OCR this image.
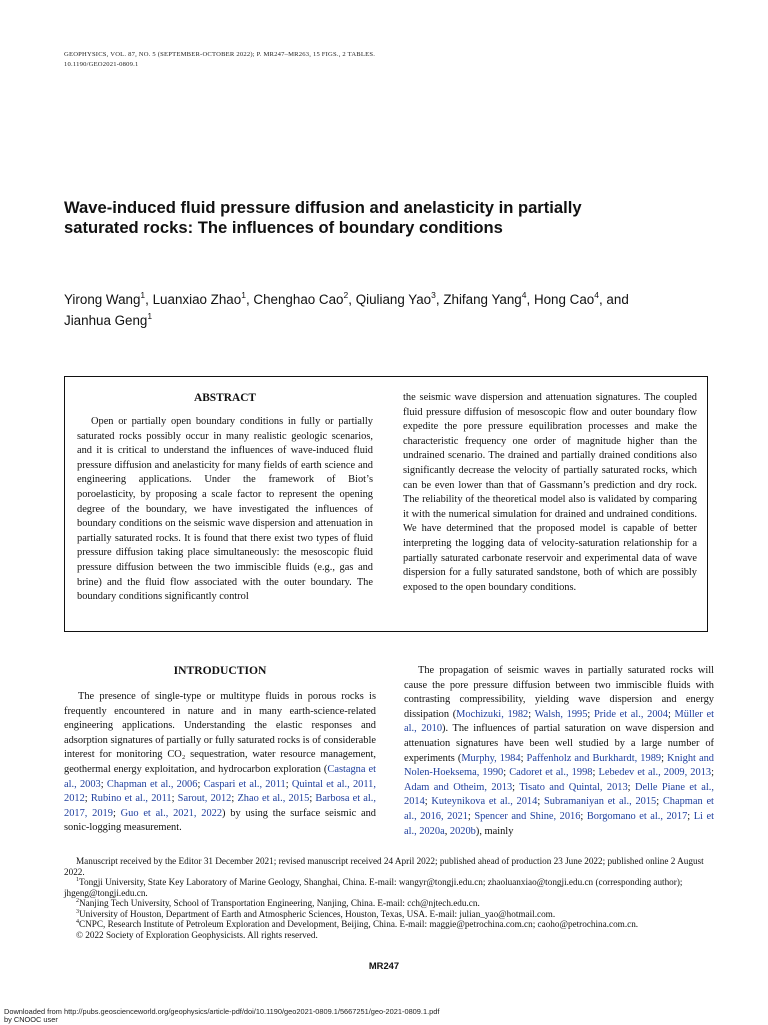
GEOPHYSICS, VOL. 87, NO. 5 (SEPTEMBER-OCTOBER 2022); P. MR247–MR263, 15 FIGS., 2 TABLES.
10.1190/GEO2021-0809.1
Wave-induced fluid pressure diffusion and anelasticity in partially
saturated rocks: The influences of boundary conditions
Yirong Wang$^1$, Luanxiao Zhao$^1$, Chenghao Cao$^2$, Qiuliang Yao$^3$, Zhifang Yang$^4$, Hong Cao$^4$, and
Jianhua Geng$^1$
ABSTRACT

Open or partially open boundary conditions in fully or partially saturated rocks possibly occur in many realistic geologic scenarios, and it is critical to understand the influences of wave-induced fluid pressure diffusion and anelasticity for many fields of earth science and engineering applications. Under the framework of Biot’s poroelasticity, by proposing a scale factor to represent the opening degree of the boundary, we have investigated the influences of boundary conditions on the seismic wave dispersion and attenuation in partially saturated rocks. It is found that there exist two types of fluid pressure diffusion taking place simultaneously: the mesoscopic fluid pressure diffusion between the two immiscible fluids (e.g., gas and brine) and the fluid flow associated with the outer boundary. The boundary conditions significantly control

the seismic wave dispersion and attenuation signatures. The coupled fluid pressure diffusion of mesoscopic flow and outer boundary flow expedite the pore pressure equilibration processes and make the characteristic frequency one order of magnitude higher than the undrained scenario. The drained and partially drained conditions also significantly decrease the velocity of partially saturated rocks, which can be even lower than that of Gassmann’s prediction and dry rock. The reliability of the theoretical model also is validated by comparing it with the numerical simulation for drained and undrained conditions. We have determined that the proposed model is capable of better interpreting the logging data of velocity-saturation relationship for a partially saturated carbonate reservoir and experimental data of wave dispersion for a fully saturated sandstone, both of which are possibly exposed to the open boundary conditions.

INTRODUCTION

The presence of single-type or multitype fluids in porous rocks is frequently encountered in nature and in many earth-science-related engineering applications. Understanding the elastic responses and adsorption signatures of partially or fully saturated rocks is of considerable interest for monitoring CO₂ sequestration, water resource management, geothermal energy exploitation, and hydrocarbon exploration (Castagna et al., 2003; Chapman et al., 2006; Caspari et al., 2011; Quintal et al., 2011, 2012; Rubino et al., 2011; Sarout, 2012; Zhao et al., 2015; Barbosa et al., 2017, 2019; Guo et al., 2021, 2022) by using the surface seismic and sonic-logging measurement.

The propagation of seismic waves in partially saturated rocks will cause the pore pressure diffusion between two immiscible fluids with contrasting compressibility, yielding wave dispersion and energy dissipation (Mochizuki, 1982; Walsh, 1995; Pride et al., 2004; Müller et al., 2010). The influences of partial saturation on wave dispersion and attenuation signatures have been well studied by a large number of experiments (Murphy, 1984; Paffenholz and Burkhardt, 1989; Knight and Nolen-Hoeksema, 1990; Cadoret et al., 1998; Lebedev et al., 2009, 2013; Adam and Otheim, 2013; Tisato and Quintal, 2013; Delle Piane et al., 2014; Kuteynikova et al., 2014; Subramaniyan et al., 2015; Chapman et al., 2016, 2021; Spencer and Shine, 2016; Borgomano et al., 2017; Li et al., 2020a, 2020b), mainly

Manuscript received by the Editor 31 December 2021; revised manuscript received 24 April 2022; published ahead of production 23 June 2022; published online 2 August 2022.

$^1$Tongji University, State Key Laboratory of Marine Geology, Shanghai, China. E-mail: wangyr@tongji.edu.cn; zhaoluanxiao@tongji.edu.cn (corresponding author); jhgeng@tongji.edu.cn.

$^2$Nanjing Tech University, School of Transportation Engineering, Nanjing, China. E-mail: cch@njtech.edu.cn.

$^3$University of Houston, Department of Earth and Atmospheric Sciences, Houston, Texas, USA. E-mail: julian_yao@hotmail.com.

$^4$CNPC, Research Institute of Petroleum Exploration and Development, Beijing, China. E-mail: maggie@petrochina.com.cn; caoho@petrochina.com.cn.

© 2022 Society of Exploration Geophysicists. All rights reserved.

MR247
Downloaded from http://pubs.geoscienceworld.org/geophysics/article-pdf/doi/10.1190/geo2021-0809.1/5667251/geo-2021-0809.1.pdf
by CNOOC user
